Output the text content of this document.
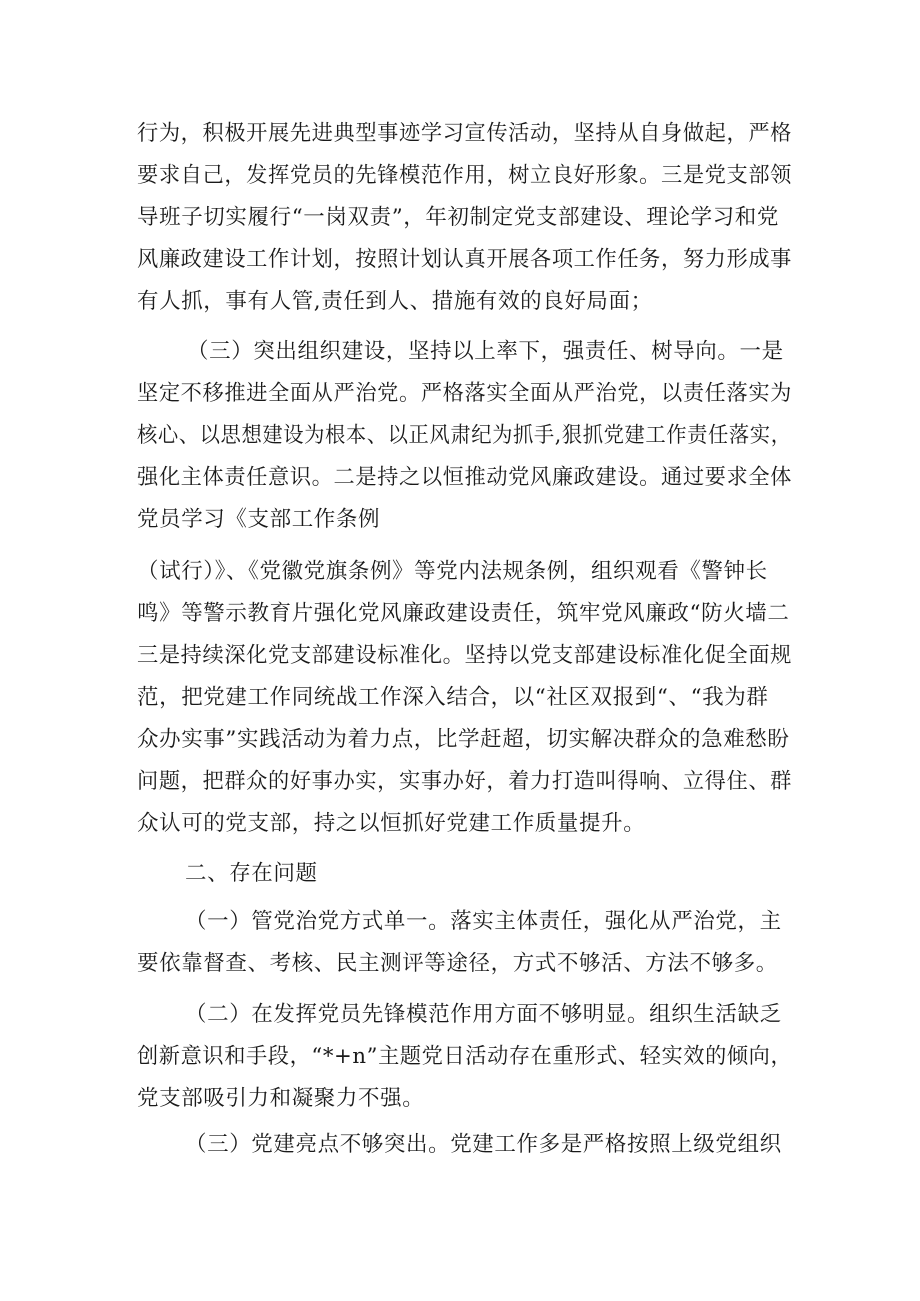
行为，积极开展先进典型事迹学习宣传活动，坚持从自身做起，严格
要求自己，发挥党员的先锋模范作用，树立良好形象。三是党支部领
导班子切实履行“一岗双责”，年初制定党支部建设、理论学习和党
风廉政建设工作计划，按照计划认真开展各项工作任务，努力形成事
有人抓，事有人管,责任到人、措施有效的良好局面；
（三）突出组织建设，坚持以上率下，强责任、树导向。一是
坚定不移推进全面从严治党。严格落实全面从严治党，以责任落实为
核心、以思想建设为根本、以正风肃纪为抓手,狠抓党建工作责任落实，
强化主体责任意识。二是持之以恒推动党风廉政建设。通过要求全体
党员学习《支部工作条例
（试行）》、《党徽党旗条例》等党内法规条例，组织观看《警钟长
鸣》等警示教育片强化党风廉政建设责任，筑牢党风廉政“防火墙二
三是持续深化党支部建设标准化。坚持以党支部建设标准化促全面规
范，把党建工作同统战工作深入结合，以“社区双报到“、“我为群
众办实事”实践活动为着力点，比学赶超，切实解决群众的急难愁盼
问题，把群众的好事办实，实事办好，着力打造叫得响、立得住、群
众认可的党支部，持之以恒抓好党建工作质量提升。
二、存在问题
（一）管党治党方式单一。落实主体责任，强化从严治党，主
要依靠督查、考核、民主测评等途径，方式不够活、方法不够多。
（二）在发挥党员先锋模范作用方面不够明显。组织生活缺乏
创新意识和手段，“*+n”主题党日活动存在重形式、轻实效的倾向，
党支部吸引力和凝聚力不强。
（三）党建亮点不够突出。党建工作多是严格按照上级党组织
